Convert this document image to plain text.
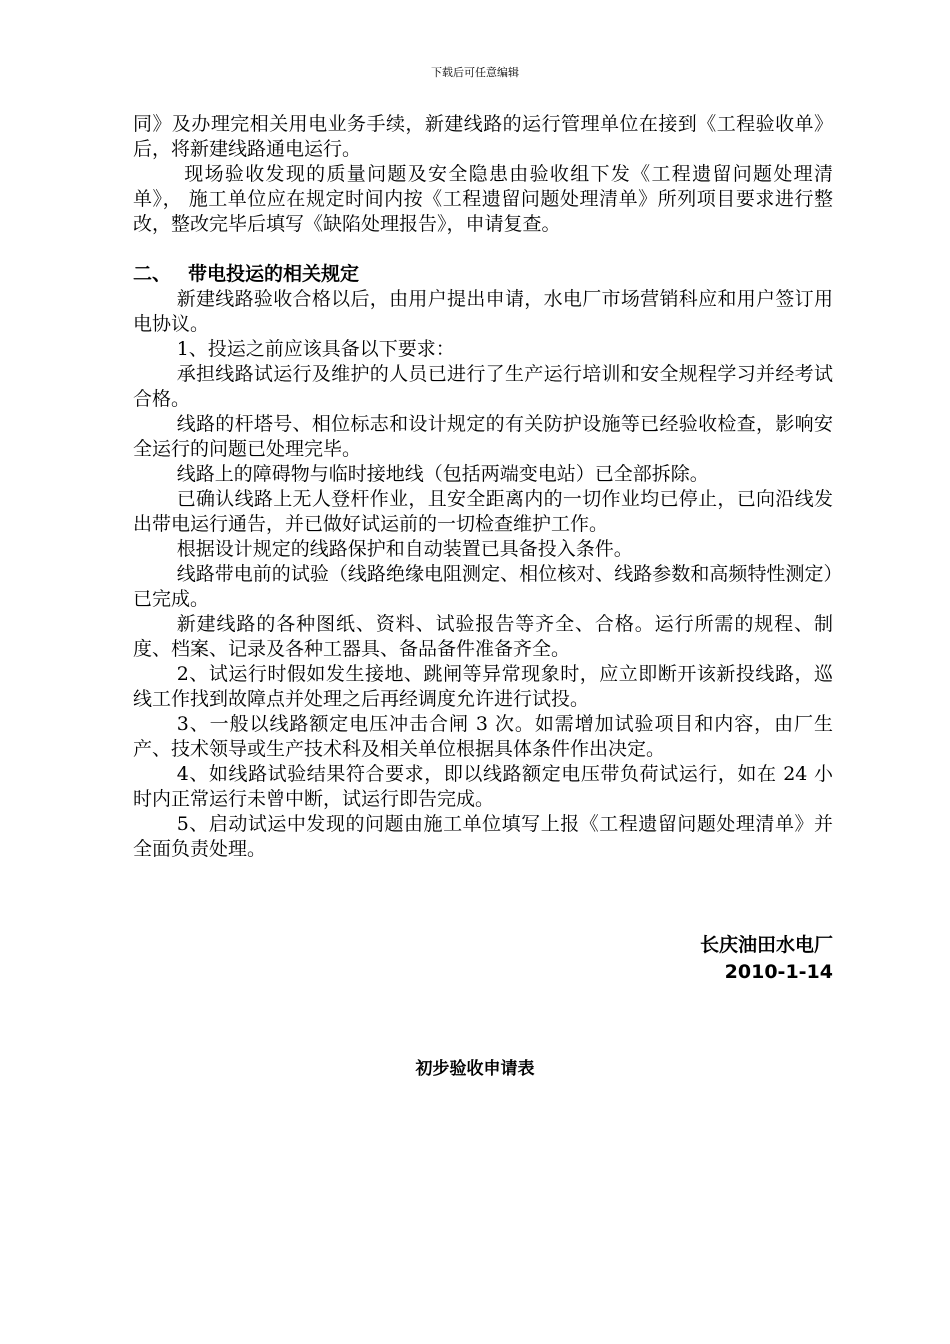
下载后可任意编辑

同》及办理完相关用电业务手续，新建线路的运行管理单位在接到《工程验收单》后，将新建线路通电运行。

现场验收发现的质量问题及安全隐患由验收组下发《工程遗留问题处理清单》， 施工单位应在规定时间内按《工程遗留问题处理清单》所列项目要求进行整改，整改完毕后填写《缺陷处理报告》，申请复查。

二、 带电投运的相关规定

新建线路验收合格以后，由用户提出申请，水电厂市场营销科应和用户签订用电协议。

1、投运之前应该具备以下要求：

承担线路试运行及维护的人员已进行了生产运行培训和安全规程学习并经考试合格。

线路的杆塔号、相位标志和设计规定的有关防护设施等已经验收检查，影响安全运行的问题已处理完毕。

线路上的障碍物与临时接地线（包括两端变电站）已全部拆除。

已确认线路上无人登杆作业，且安全距离内的一切作业均已停止，已向沿线发出带电运行通告，并已做好试运前的一切检查维护工作。

根据设计规定的线路保护和自动装置已具备投入条件。

线路带电前的试验（线路绝缘电阻测定、相位核对、线路参数和高频特性测定）已完成。

新建线路的各种图纸、资料、试验报告等齐全、合格。运行所需的规程、制度、档案、记录及各种工器具、备品备件准备齐全。

2、试运行时假如发生接地、跳闸等异常现象时，应立即断开该新投线路，巡线工作找到故障点并处理之后再经调度允许进行试投。

3、一般以线路额定电压冲击合闸 3 次。如需增加试验项目和内容，由厂生产、技术领导或生产技术科及相关单位根据具体条件作出决定。

4、如线路试验结果符合要求，即以线路额定电压带负荷试运行，如在 24 小时内正常运行未曾中断，试运行即告完成。

5、启动试运中发现的问题由施工单位填写上报《工程遗留问题处理清单》并全面负责处理。

长庆油田水电厂
2010-1-14
初步验收申请表
